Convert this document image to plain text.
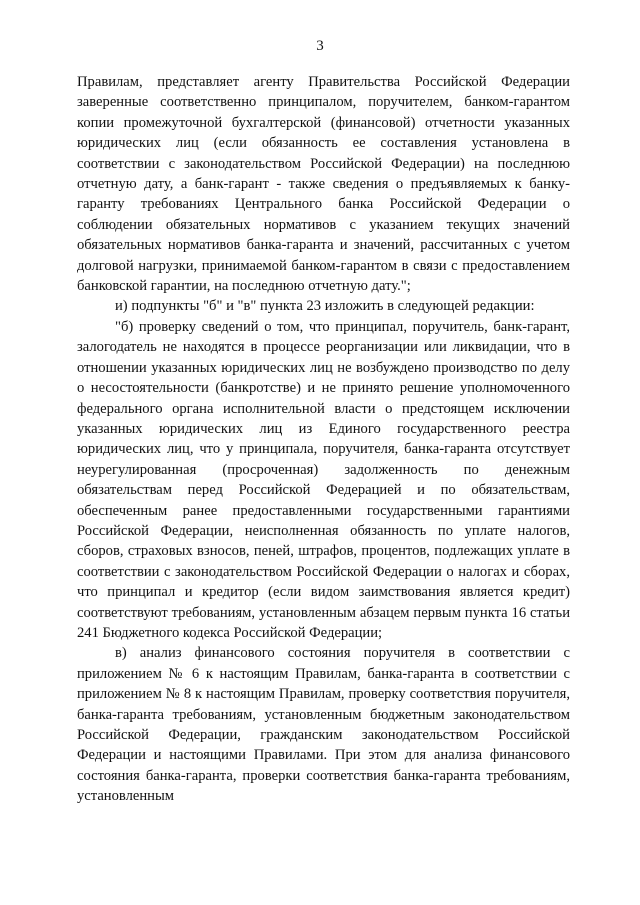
3

Правилам, представляет агенту Правительства Российской Федерации заверенные соответственно принципалом, поручителем, банком-гарантом копии промежуточной бухгалтерской (финансовой) отчетности указанных юридических лиц (если обязанность ее составления установлена в соответствии с законодательством Российской Федерации) на последнюю отчетную дату, а банк-гарант - также сведения о предъявляемых к банку-гаранту требованиях Центрального банка Российской Федерации о соблюдении обязательных нормативов с указанием текущих значений обязательных нормативов банка-гаранта и значений, рассчитанных с учетом долговой нагрузки, принимаемой банком-гарантом в связи с предоставлением банковской гарантии, на последнюю отчетную дату.";

и) подпункты "б" и "в" пункта 23 изложить в следующей редакции:

"б) проверку сведений о том, что принципал, поручитель, банк-гарант, залогодатель не находятся в процессе реорганизации или ликвидации, что в отношении указанных юридических лиц не возбуждено производство по делу о несостоятельности (банкротстве) и не принято решение уполномоченного федерального органа исполнительной власти о предстоящем исключении указанных юридических лиц из Единого государственного реестра юридических лиц, что у принципала, поручителя, банка-гаранта отсутствует неурегулированная (просроченная) задолженность по денежным обязательствам перед Российской Федерацией и по обязательствам, обеспеченным ранее предоставленными государственными гарантиями Российской Федерации, неисполненная обязанность по уплате налогов, сборов, страховых взносов, пеней, штрафов, процентов, подлежащих уплате в соответствии с законодательством Российской Федерации о налогах и сборах, что принципал и кредитор (если видом заимствования является кредит) соответствуют требованиям, установленным абзацем первым пункта 16 статьи 241 Бюджетного кодекса Российской Федерации;

в) анализ финансового состояния поручителя в соответствии с приложением № 6 к настоящим Правилам, банка-гаранта в соответствии с приложением № 8 к настоящим Правилам, проверку соответствия поручителя, банка-гаранта требованиям, установленным бюджетным законодательством Российской Федерации, гражданским законодательством Российской Федерации и настоящими Правилами. При этом для анализа финансового состояния банка-гаранта, проверки соответствия банка-гаранта требованиям, установленным
